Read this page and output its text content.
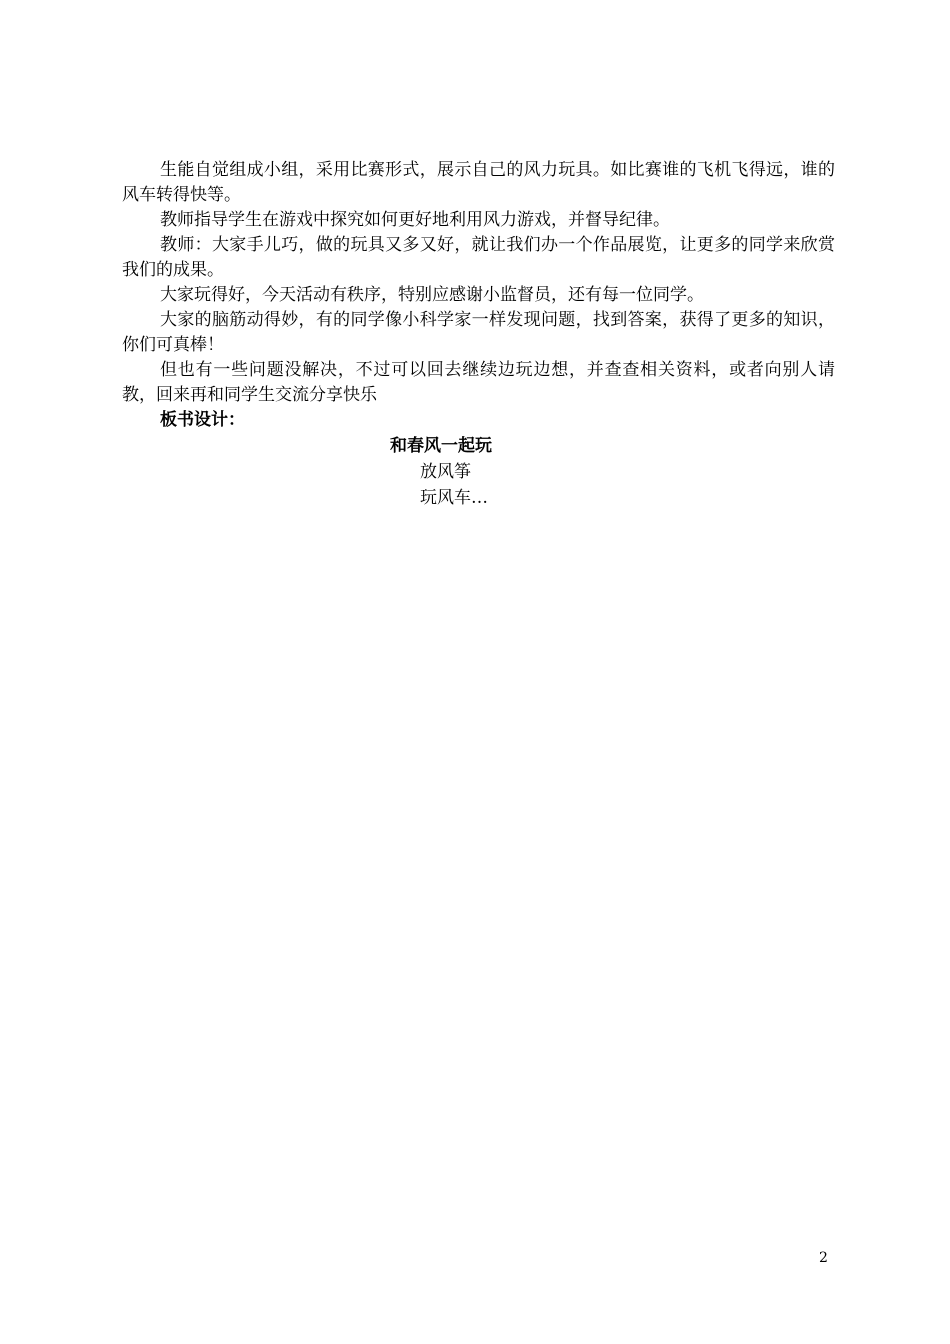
生能自觉组成小组，采用比赛形式，展示自己的风力玩具。如比赛谁的飞机飞得远，谁的风车转得快等。

教师指导学生在游戏中探究如何更好地利用风力游戏，并督导纪律。

教师：大家手儿巧，做的玩具又多又好，就让我们办一个作品展览，让更多的同学来欣赏我们的成果。

大家玩得好，今天活动有秩序，特别应感谢小监督员，还有每一位同学。

大家的脑筋动得妙，有的同学像小科学家一样发现问题，找到答案，获得了更多的知识，你们可真棒！

但也有一些问题没解决，不过可以回去继续边玩边想，并查查相关资料，或者向别人请教，回来再和同学生交流分享快乐

板书设计：

和春风一起玩
放风筝
玩风车…
2
